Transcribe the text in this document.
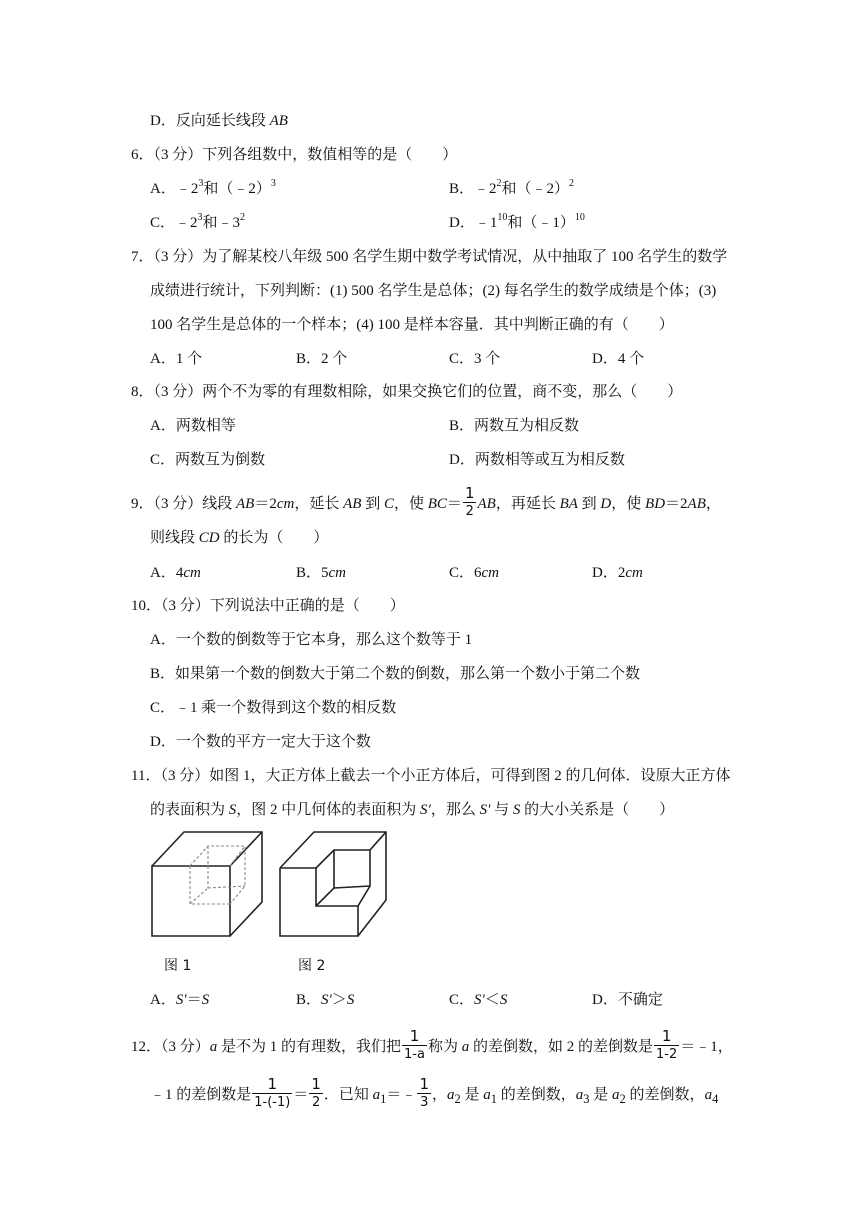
D．反向延长线段 AB
6．（3 分）下列各组数中，数值相等的是（　　）
A．$﹣2^3$和（﹣2）$^3$	B．$﹣2^2$和（﹣2）$^2$
C．$﹣2^3$和$﹣3^2$	D．$﹣1^{10}$和（﹣1）$^{10}$
7．（3 分）为了解某校八年级 500 名学生期中数学考试情况，从中抽取了 100 名学生的数学
成绩进行统计，下列判断：(1) 500 名学生是总体；(2) 每名学生的数学成绩是个体；(3)
100 名学生是总体的一个样本；(4) 100 是样本容量．其中判断正确的有（　　）
A．1 个	B．2 个	C．3 个	D．4 个
8．（3 分）两个不为零的有理数相除，如果交换它们的位置，商不变，那么（　　）
A．两数相等	B．两数互为相反数
C．两数互为倒数	D．两数相等或互为相反数
9．（3 分）线段 AB＝2cm，延长 AB 到 C，使 $BC= \frac{1}{2}$ AB，再延长 BA 到 D，使 BD＝2AB，
则线段 CD 的长为（　　）
A．4cm	B．5cm	C．6cm	D．2cm
10．（3 分）下列说法中正确的是（　　）
A．一个数的倒数等于它本身，那么这个数等于 1
B．如果第一个数的倒数大于第二个数的倒数，那么第一个数小于第二个数
C．﹣1 乘一个数得到这个数的相反数
D．一个数的平方一定大于这个数
11．（3 分）如图 1，大正方体上截去一个小正方体后，可得到图 2 的几何体．设原大正方体
的表面积为 S，图 2 中几何体的表面积为 S′，那么 S′ 与 S 的大小关系是（　　）
图 1	图 2
A．S′＝S	B．S′＞S	C．S′＜S	D．不确定
12．（3 分）a 是不为 1 的有理数，我们把 $\frac{1}{1-a}$ 称为 a 的差倒数，如 2 的差倒数是 $\frac{1}{1-2}$ ＝﹣1，
﹣1 的差倒数是 $\frac{1}{1-(-1)} = \frac{1}{2}$ ．已知 $a_1=﹣ \frac{1}{3}$ ，$a_2$ 是 $a_1$ 的差倒数，$a_3$ 是 $a_2$ 的差倒数，$a_4$
